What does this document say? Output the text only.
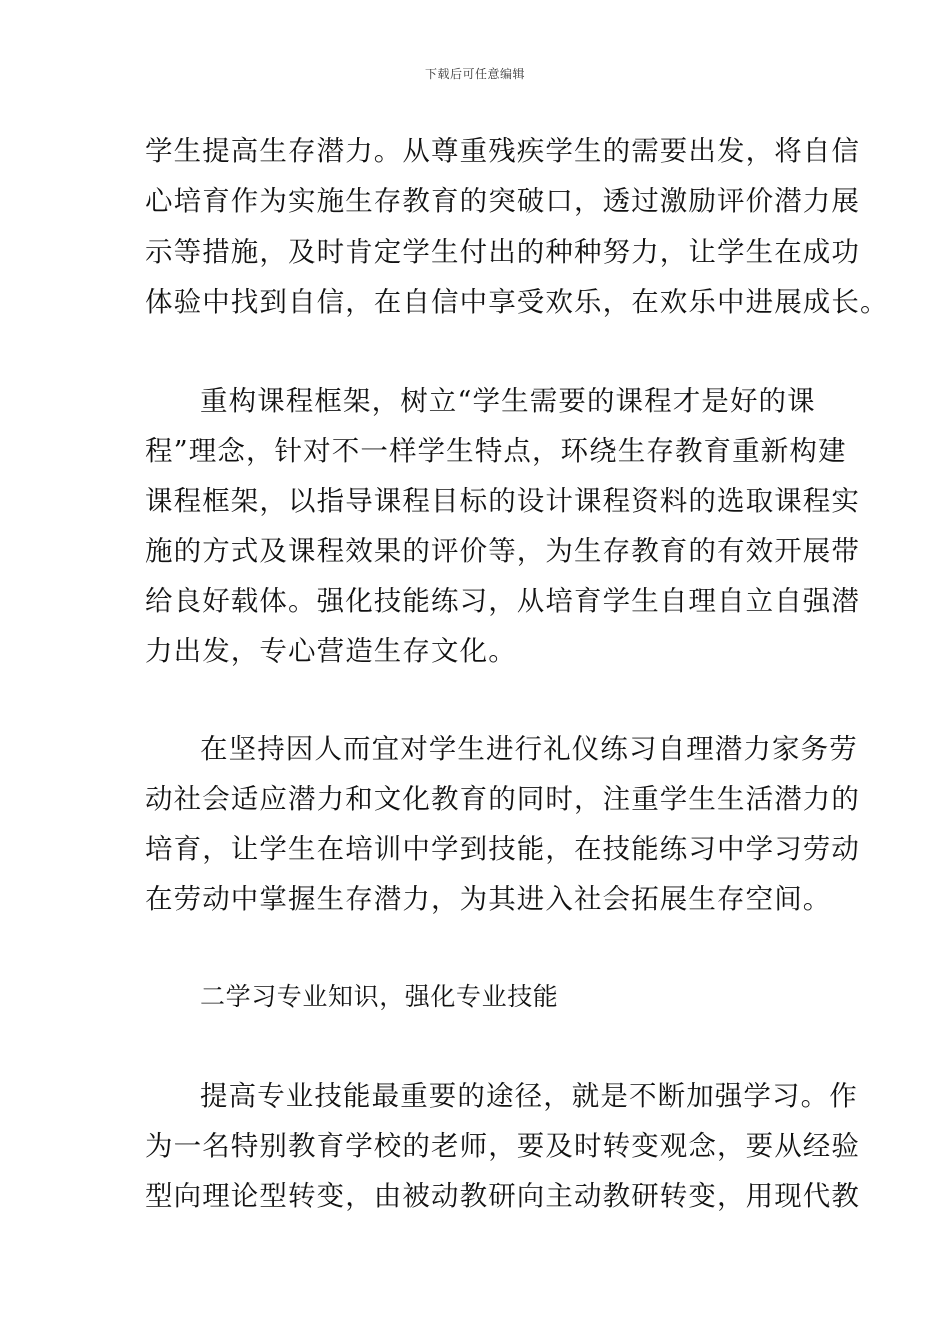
下载后可任意编辑
学生提高生存潜力。从尊重残疾学生的需要出发，将自信
心培育作为实施生存教育的突破口，透过激励评价潜力展
示等措施，及时肯定学生付出的种种努力，让学生在成功
体验中找到自信，在自信中享受欢乐，在欢乐中进展成长。
重构课程框架，树立“学生需要的课程才是好的课
程”理念，针对不一样学生特点，环绕生存教育重新构建
课程框架，以指导课程目标的设计课程资料的选取课程实
施的方式及课程效果的评价等，为生存教育的有效开展带
给良好载体。强化技能练习，从培育学生自理自立自强潜
力出发，专心营造生存文化。
在坚持因人而宜对学生进行礼仪练习自理潜力家务劳
动社会适应潜力和文化教育的同时，注重学生生活潜力的
培育，让学生在培训中学到技能，在技能练习中学习劳动
在劳动中掌握生存潜力，为其进入社会拓展生存空间。
二学习专业知识，强化专业技能
提高专业技能最重要的途径，就是不断加强学习。作
为一名特别教育学校的老师，要及时转变观念，要从经验
型向理论型转变，由被动教研向主动教研转变，用现代教
